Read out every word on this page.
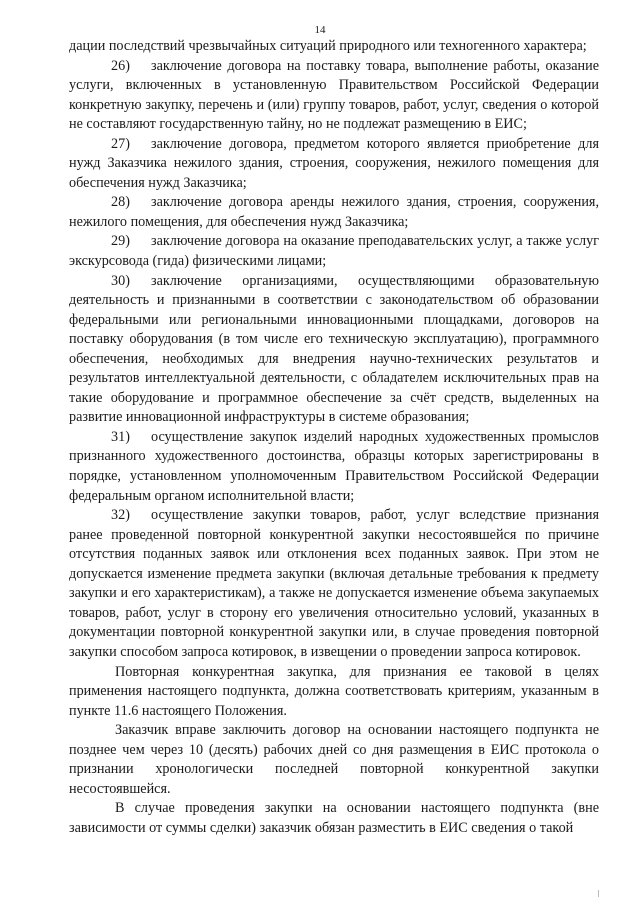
14

дации последствий чрезвычайных ситуаций природного или техногенного характера;

26) заключение договора на поставку товара, выполнение работы, оказание услуги, включенных в установленную Правительством Российской Федерации конкретную закупку, перечень и (или) группу товаров, работ, услуг, сведения о которой не составляют государственную тайну, но не подлежат размещению в ЕИС;

27) заключение договора, предметом которого является приобретение для нужд Заказчика нежилого здания, строения, сооружения, нежилого помещения для обеспечения нужд Заказчика;

28) заключение договора аренды нежилого здания, строения, сооружения, нежилого помещения, для обеспечения нужд Заказчика;

29) заключение договора на оказание преподавательских услуг, а также услуг экскурсовода (гида) физическими лицами;

30) заключение организациями, осуществляющими образовательную деятельность и признанными в соответствии с законодательством об образовании федеральными или региональными инновационными площадками, договоров на поставку оборудования (в том числе его техническую эксплуатацию), программного обеспечения, необходимых для внедрения научно-технических результатов и результатов интеллектуальной деятельности, с обладателем исключительных прав на такие оборудование и программное обеспечение за счёт средств, выделенных на развитие инновационной инфраструктуры в системе образования;

31) осуществление закупок изделий народных художественных промыслов признанного художественного достоинства, образцы которых зарегистрированы в порядке, установленном уполномоченным Правительством Российской Федерации федеральным органом исполнительной власти;

32) осуществление закупки товаров, работ, услуг вследствие признания ранее проведенной повторной конкурентной закупки несостоявшейся по причине отсутствия поданных заявок или отклонения всех поданных заявок. При этом не допускается изменение предмета закупки (включая детальные требования к предмету закупки и его характеристикам), а также не допускается изменение объема закупаемых товаров, работ, услуг в сторону его увеличения относительно условий, указанных в документации повторной конкурентной закупки или, в случае проведения повторной закупки способом запроса котировок, в извещении о проведении запроса котировок.

Повторная конкурентная закупка, для признания ее таковой в целях применения настоящего подпункта, должна соответствовать критериям, указанным в пункте 11.6 настоящего Положения.

Заказчик вправе заключить договор на основании настоящего подпункта не позднее чем через 10 (десять) рабочих дней со дня размещения в ЕИС протокола о признании хронологически последней повторной конкурентной закупки несостоявшейся.

В случае проведения закупки на основании настоящего подпункта (вне зависимости от суммы сделки) заказчик обязан разместить в ЕИС сведения о такой
